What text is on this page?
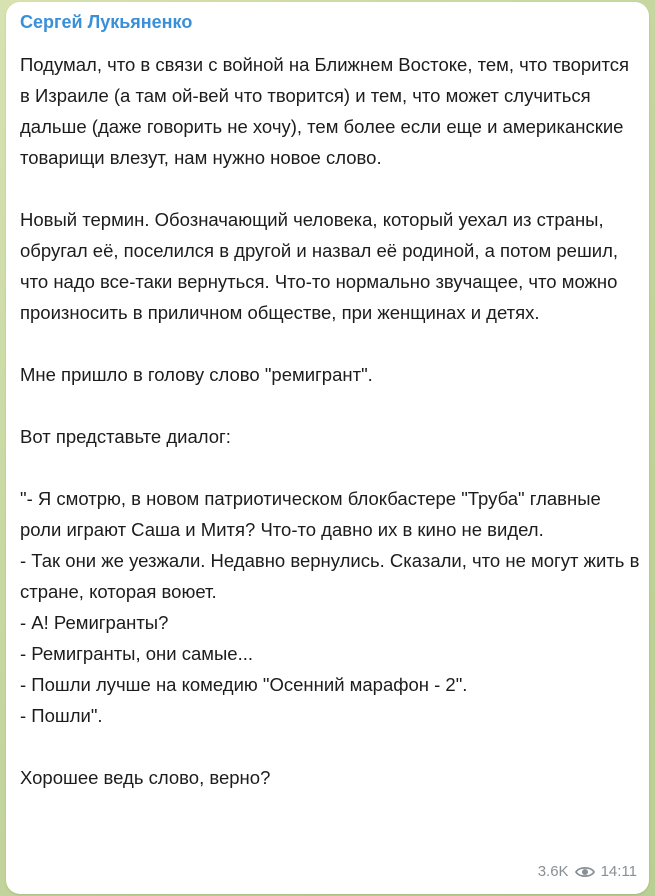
Сергей Лукьяненко
Подумал, что в связи с войной на Ближнем Востоке, тем, что творится в Израиле (а там ой-вей что творится) и тем, что может случиться дальше (даже говорить не хочу), тем более если еще и американские товарищи влезут, нам нужно новое слово.

Новый термин. Обозначающий человека, который уехал из страны, обругал её, поселился в другой и назвал её родиной, а потом решил, что надо все-таки вернуться. Что-то нормально звучащее, что можно произносить в приличном обществе, при женщинах и детях.

Мне пришло в голову слово "ремигрант".

Вот представьте диалог:

"- Я смотрю, в новом патриотическом блокбастере "Труба" главные роли играют Саша и Митя? Что-то давно их в кино не видел.
- Так они же уезжали. Недавно вернулись. Сказали, что не могут жить в стране, которая воюет.
- А! Ремигранты?
- Ремигранты, они самые...
- Пошли лучше на комедию "Осенний марафон - 2".
- Пошли".

Хорошее ведь слово, верно?
3.6K 14:11
